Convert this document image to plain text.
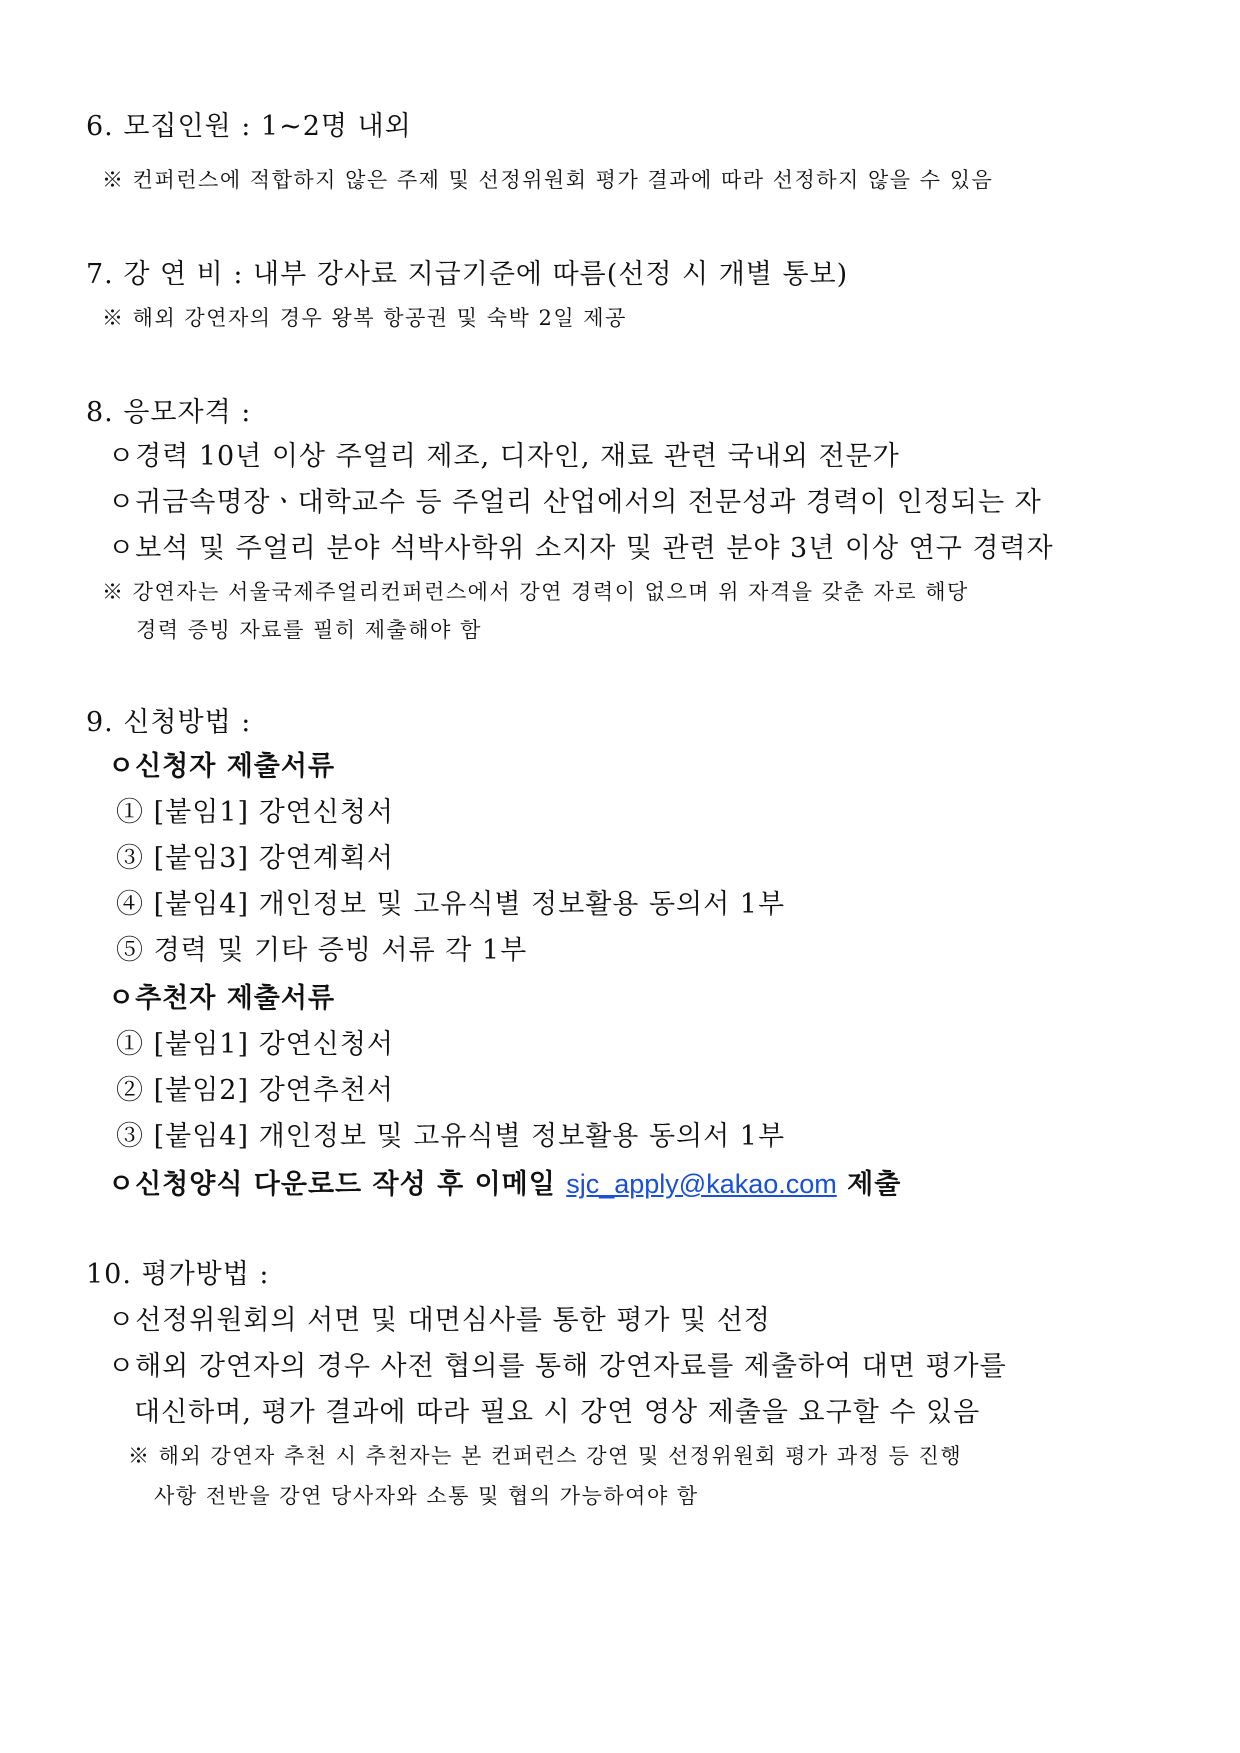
6. 모집인원 : 1~2명 내외
※ 컨퍼런스에 적합하지 않은 주제 및 선정위원회 평가 결과에 따라 선정하지 않을 수 있음
7. 강 연 비 : 내부 강사료 지급기준에 따름(선정 시 개별 통보)
※ 해외 강연자의 경우 왕복 항공권 및 숙박 2일 제공
8. 응모자격 :
ㅇ경력 10년 이상 주얼리 제조, 디자인, 재료 관련 국내외 전문가
ㅇ귀금속명장ㆍ대학교수 등 주얼리 산업에서의 전문성과 경력이 인정되는 자
ㅇ보석 및 주얼리 분야 석박사학위 소지자 및 관련 분야 3년 이상 연구 경력자
※ 강연자는 서울국제주얼리컨퍼런스에서 강연 경력이 없으며 위 자격을 갖춘 자로 해당
경력 증빙 자료를 필히 제출해야 함
9. 신청방법 :
ㅇ신청자 제출서류
① [붙임1] 강연신청서
③ [붙임3] 강연계획서
④ [붙임4] 개인정보 및 고유식별 정보활용 동의서 1부
⑤ 경력 및 기타 증빙 서류 각 1부
ㅇ추천자 제출서류
① [붙임1] 강연신청서
② [붙임2] 강연추천서
③ [붙임4] 개인정보 및 고유식별 정보활용 동의서 1부
ㅇ신청양식 다운로드 작성 후 이메일 sjc_apply@kakao.com 제출
10. 평가방법 :
ㅇ선정위원회의 서면 및 대면심사를 통한 평가 및 선정
ㅇ해외 강연자의 경우 사전 협의를 통해 강연자료를 제출하여 대면 평가를
대신하며, 평가 결과에 따라 필요 시 강연 영상 제출을 요구할 수 있음
※ 해외 강연자 추천 시 추천자는 본 컨퍼런스 강연 및 선정위원회 평가 과정 등 진행
사항 전반을 강연 당사자와 소통 및 협의 가능하여야 함
